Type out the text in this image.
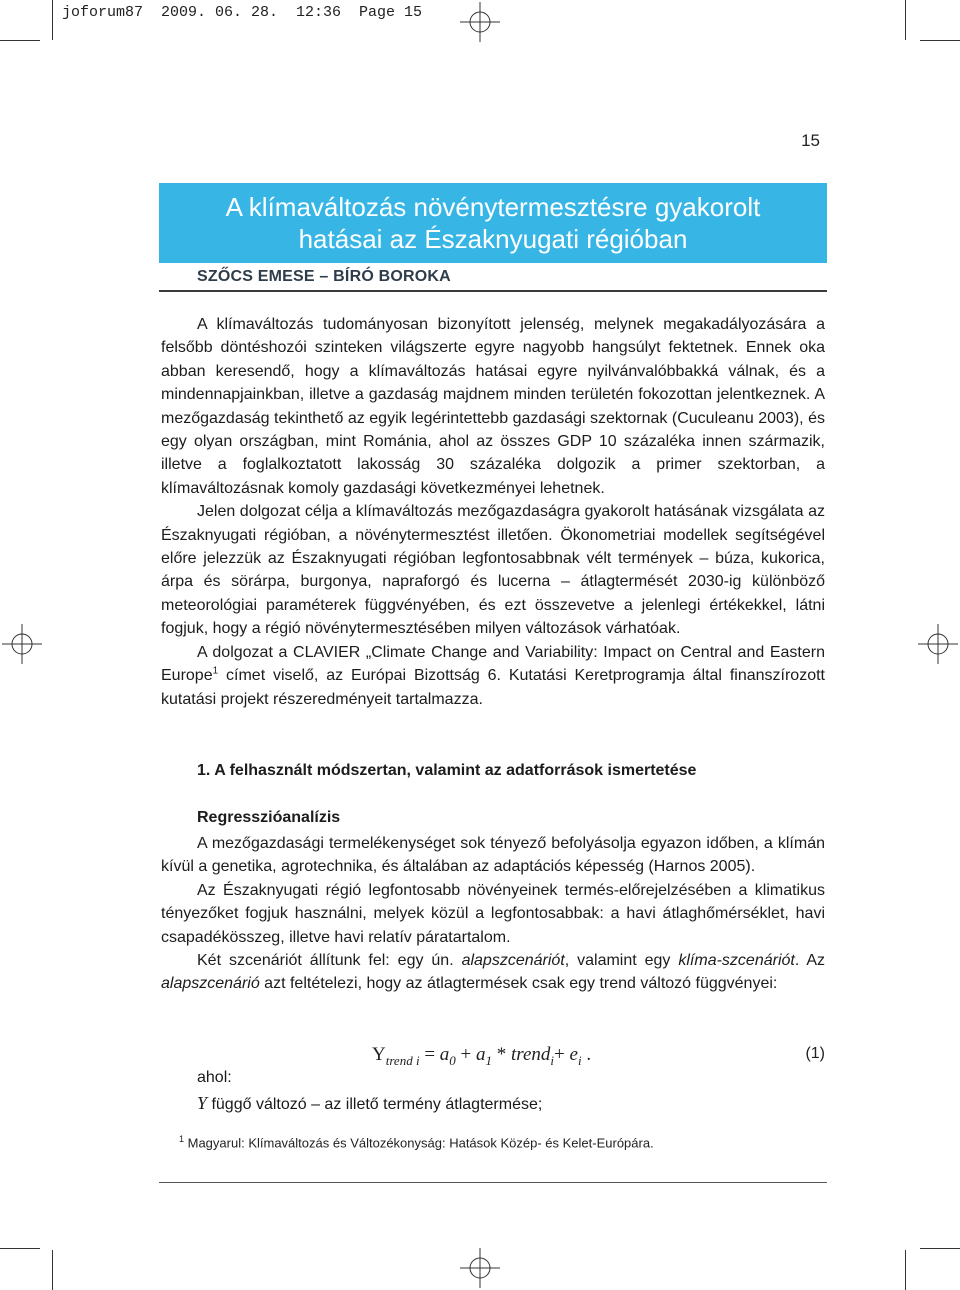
joforum87  2009. 06. 28.  12:36  Page 15
15
A klímaváltozás növénytermesztésre gyakorolt
hatásai az Északnyugati régióban
SZŐCS EMESE – BÍRÓ BOROKA

A klímaváltozás tudományosan bizonyított jelenség, melynek megakadályozására a felsőbb döntéshozói szinteken világszerte egyre nagyobb hangsúlyt fektetnek. Ennek oka abban keresendő, hogy a klímaváltozás hatásai egyre nyilvánvalóbbakká válnak, és a mindennapjainkban, illetve a gazdaság majdnem minden területén fokozottan jelentkeznek. A mezőgazdaság tekinthető az egyik legérintettebb gazdasági szektornak (Cuculeanu 2003), és egy olyan országban, mint Románia, ahol az összes GDP 10 százaléka innen származik, illetve a foglalkoztatott lakosság 30 százaléka dolgozik a primer szektorban, a klímaváltozásnak komoly gazdasági következményei lehetnek.

Jelen dolgozat célja a klímaváltozás mezőgazdaságra gyakorolt hatásának vizsgálata az Északnyugati régióban, a növénytermesztést illetően. Ökonometriai modellek segítségével előre jelezzük az Északnyugati régióban legfontosabbnak vélt termények – búza, kukorica, árpa és sörárpa, burgonya, napraforgó és lucerna – átlagtermését 2030-ig különböző meteorológiai paraméterek függvényében, és ezt összevetve a jelenlegi értékekkel, látni fogjuk, hogy a régió növénytermesztésében milyen változások várhatóak.

A dolgozat a CLAVIER „Climate Change and Variability: Impact on Central and Eastern Europe$^1$ címet viselő, az Európai Bizottság 6. Kutatási Keretprogramja által finanszírozott kutatási projekt részeredményeit tartalmazza.

1. A felhasznált módszertan, valamint az adatforrások ismertetése
Regresszióanalízis

A mezőgazdasági termelékenységet sok tényező befolyásolja egyazon időben, a klímán kívül a genetika, agrotechnika, és általában az adaptációs képesség (Harnos 2005).

Az Északnyugati régió legfontosabb növényeinek termés-előrejelzésében a klimatikus tényezőket fogjuk használni, melyek közül a legfontosabbak: a havi átlaghőmérséklet, havi csapadékösszeg, illetve havi relatív páratartalom.

Két szcenáriót állítunk fel: egy ún. alapszcenáriót, valamint egy klíma-szcenáriót. Az alapszcenárió azt feltételezi, hogy az átlagtermések csak egy trend változó függvényei:

$Y_{trend i} = a_0 + a_1$ * trend$_i$+ $e_i$ .	(1)
ahol:
Y függő változó – az illető termény átlagtermése;
$^1$ Magyarul: Klímaváltozás és Változékonyság: Hatások Közép- és Kelet-Európára.
